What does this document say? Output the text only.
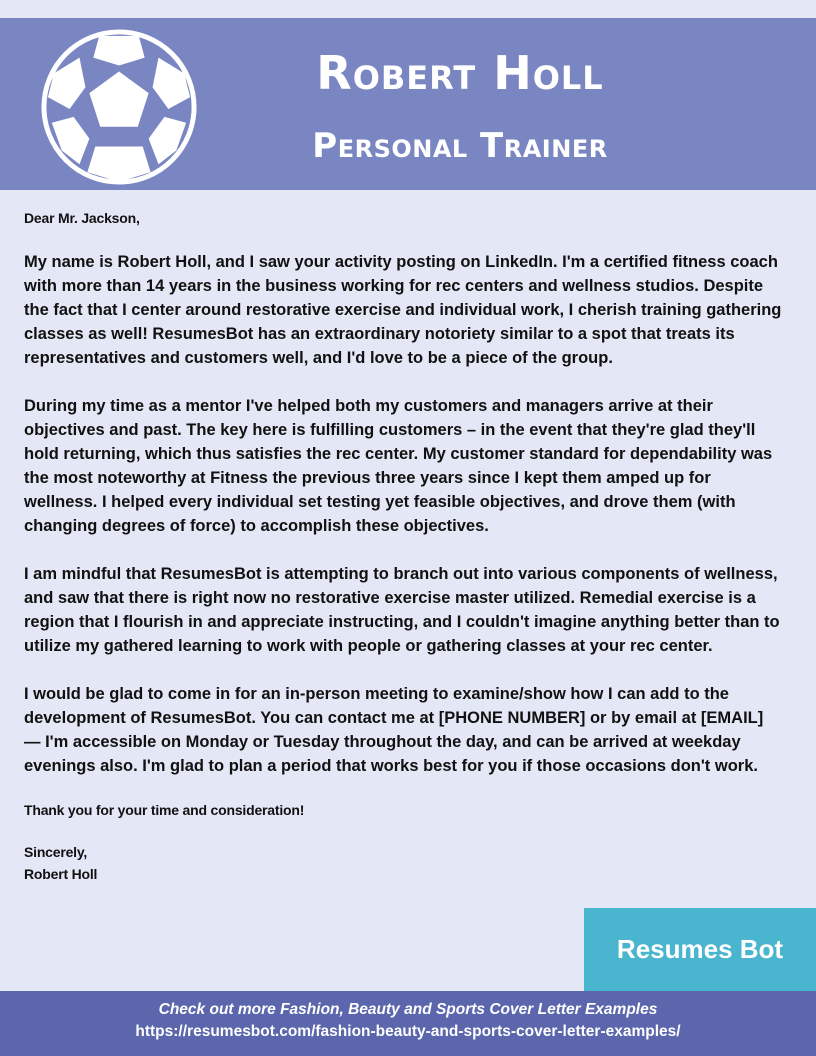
Robert Holl
Personal Trainer

Dear Mr. Jackson,

My name is Robert Holl, and I saw your activity posting on LinkedIn. I'm a certified fitness coach with more than 14 years in the business working for rec centers and wellness studios. Despite the fact that I center around restorative exercise and individual work, I cherish training gathering classes as well! ResumesBot has an extraordinary notoriety similar to a spot that treats its representatives and customers well, and I'd love to be a piece of the group.

During my time as a mentor I've helped both my customers and managers arrive at their objectives and past. The key here is fulfilling customers – in the event that they're glad they'll hold returning, which thus satisfies the rec center. My customer standard for dependability was the most noteworthy at Fitness the previous three years since I kept them amped up for wellness. I helped every individual set testing yet feasible objectives, and drove them (with changing degrees of force) to accomplish these objectives.

I am mindful that ResumesBot is attempting to branch out into various components of wellness, and saw that there is right now no restorative exercise master utilized. Remedial exercise is a region that I flourish in and appreciate instructing, and I couldn't imagine anything better than to utilize my gathered learning to work with people or gathering classes at your rec center.

I would be glad to come in for an in-person meeting to examine/show how I can add to the development of ResumesBot. You can contact me at [PHONE NUMBER] or by email at [EMAIL] — I'm accessible on Monday or Tuesday throughout the day, and can be arrived at weekday evenings also. I'm glad to plan a period that works best for you if those occasions don't work.

Thank you for your time and consideration!

Sincerely,

Robert Holl

Resumes Bot
Check out more Fashion, Beauty and Sports Cover Letter Examples
https://resumesbot.com/fashion-beauty-and-sports-cover-letter-examples/
